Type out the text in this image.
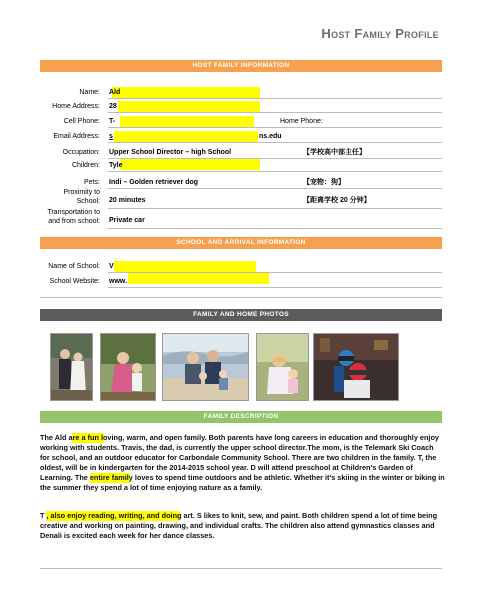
Host Family Profile
HOST FAMILY INFORMATION
Name: Ald
Home Address: 28
Cell Phone: T-	Home Phone:
Email Address: s	ns.edu
Occupation: Upper School Director – high School	【学校高中部主任】
Children: Tyle
Pets: Indi – Golden retriever dog	【宠物：狗】
Proximity to
School: 20 minutes	【距离学校 20 分钟】
Transportation to
and from school: Private car
SCHOOL AND ARRIVAL INFORMATION
Name of School: V
School Website: www.
FAMILY AND HOME PHOTOS
FAMILY DESCRIPTION
The Ald are a fun loving, warm, and open family. Both parents have long careers in education and thoroughly enjoy working with students. Travis, the dad, is currently the upper school director.The mom, is the Telemark Ski Coach for school, and an outdoor educator for Carbondale Community School. There are two children in the family. T, the oldest, will be in kindergarten for the 2014-2015 school year. D will attend preschool at Children's Garden of Learning. The entire family loves to spend time outdoors and be athletic. Whether it's skiing in the winter or biking in the summer they spend a lot of time enjoying nature as a family.
T , also enjoy reading, writing, and doing art. S likes to knit, sew, and paint. Both children spend a lot of time being creative and working on painting, drawing, and individual crafts. The children also attend gymnastics classes and Denali is excited each week for her dance classes.
